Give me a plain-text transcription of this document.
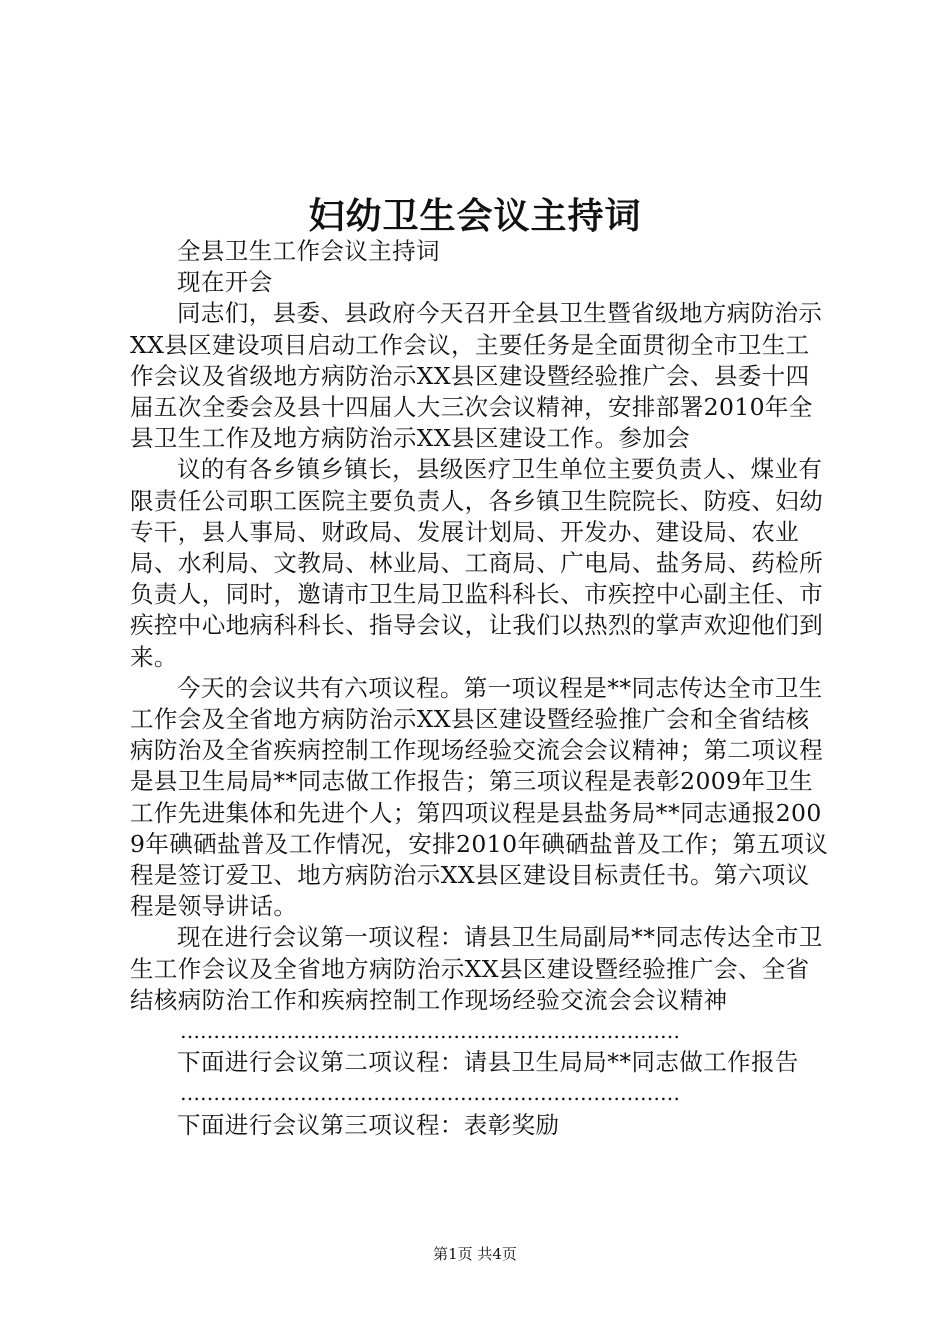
妇幼卫生会议主持词

全县卫生工作会议主持词

现在开会

同志们，县委、县政府今天召开全县卫生暨省级地方病防治示XX县区建设项目启动工作会议，主要任务是全面贯彻全市卫生工作会议及省级地方病防治示XX县区建设暨经验推广会、县委十四届五次全委会及县十四届人大三次会议精神，安排部署2010年全县卫生工作及地方病防治示XX县区建设工作。参加会

议的有各乡镇乡镇长，县级医疗卫生单位主要负责人、煤业有限责任公司职工医院主要负责人，各乡镇卫生院院长、防疫、妇幼专干，县人事局、财政局、发展计划局、开发办、建设局、农业局、水利局、文教局、林业局、工商局、广电局、盐务局、药检所负责人，同时，邀请市卫生局卫监科科长、市疾控中心副主任、市疾控中心地病科科长、指导会议，让我们以热烈的掌声欢迎他们到来。

今天的会议共有六项议程。第一项议程是**同志传达全市卫生工作会及全省地方病防治示XX县区建设暨经验推广会和全省结核病防治及全省疾病控制工作现场经验交流会会议精神；第二项议程是县卫生局局**同志做工作报告；第三项议程是表彰2009年卫生工作先进集体和先进个人；第四项议程是县盐务局**同志通报2009年碘硒盐普及工作情况，安排2010年碘硒盐普及工作；第五项议程是签订爱卫、地方病防治示XX县区建设目标责任书。第六项议程是领导讲话。

现在进行会议第一项议程：请县卫生局副局**同志传达全市卫生工作会议及全省地方病防治示XX县区建设暨经验推广会、全省结核病防治工作和疾病控制工作现场经验交流会会议精神

…………………………………………………………………

下面进行会议第二项议程：请县卫生局局**同志做工作报告

…………………………………………………………………

下面进行会议第三项议程：表彰奖励

第1页 共4页
